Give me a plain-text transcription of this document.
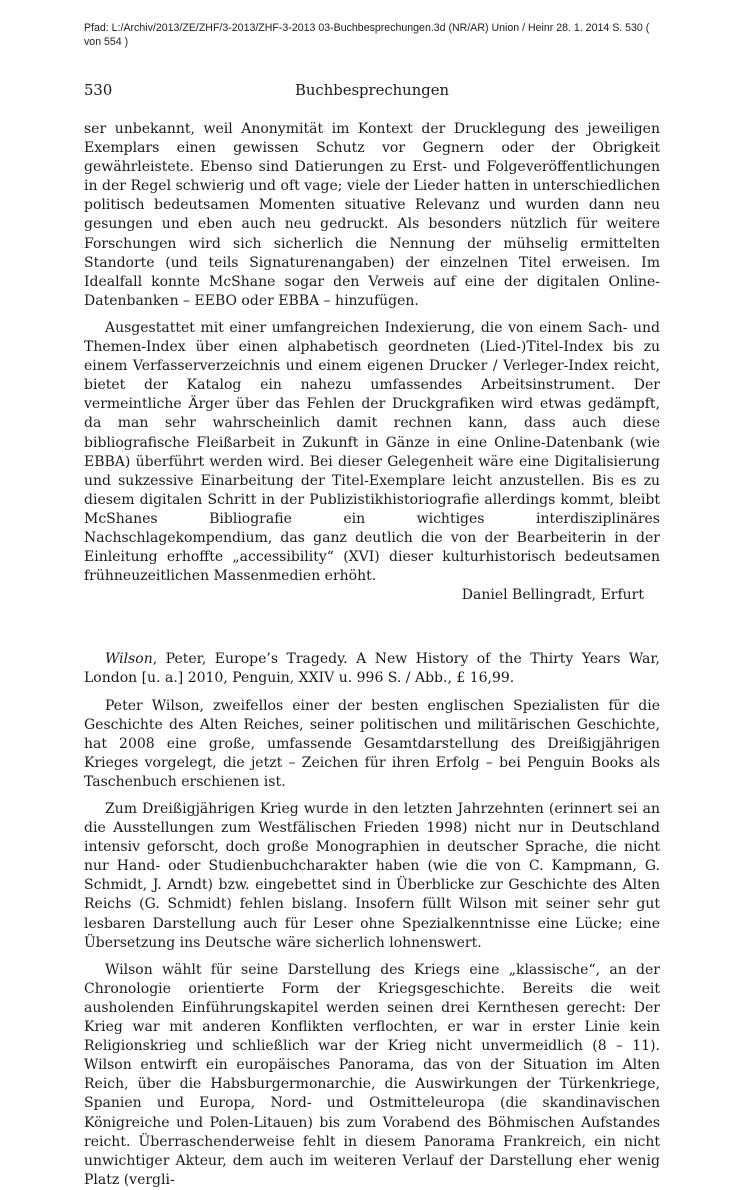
Pfad: L:/Archiv/2013/ZE/ZHF/3-2013/ZHF-3-2013 03-Buchbesprechungen.3d (NR/AR) Union / Heinr 28. 1. 2014 S. 530 ( von 554 )
530	Buchbesprechungen

ser unbekannt, weil Anonymität im Kontext der Drucklegung des jeweiligen Exemplars einen gewissen Schutz vor Gegnern oder der Obrigkeit gewährleistete. Ebenso sind Datierungen zu Erst- und Folgeveröffentlichungen in der Regel schwierig und oft vage; viele der Lieder hatten in unterschiedlichen politisch bedeutsamen Momenten situative Relevanz und wurden dann neu gesungen und eben auch neu gedruckt. Als besonders nützlich für weitere Forschungen wird sich sicherlich die Nennung der mühselig ermittelten Standorte (und teils Signaturenangaben) der einzelnen Titel erweisen. Im Idealfall konnte McShane sogar den Verweis auf eine der digitalen Online-Datenbanken – EEBO oder EBBA – hinzufügen.

Ausgestattet mit einer umfangreichen Indexierung, die von einem Sach- und Themen-Index über einen alphabetisch geordneten (Lied-)Titel-Index bis zu einem Verfasserverzeichnis und einem eigenen Drucker / Verleger-Index reicht, bietet der Katalog ein nahezu umfassendes Arbeitsinstrument. Der vermeintliche Ärger über das Fehlen der Druckgrafiken wird etwas gedämpft, da man sehr wahrscheinlich damit rechnen kann, dass auch diese bibliografische Fleißarbeit in Zukunft in Gänze in eine Online-Datenbank (wie EBBA) überführt werden wird. Bei dieser Gelegenheit wäre eine Digitalisierung und sukzessive Einarbeitung der Titel-Exemplare leicht anzustellen. Bis es zu diesem digitalen Schritt in der Publizistikhistoriografie allerdings kommt, bleibt McShanes Bibliografie ein wichtiges interdisziplinäres Nachschlagekompendium, das ganz deutlich die von der Bearbeiterin in der Einleitung erhoffte „accessibility“ (XVI) dieser kulturhistorisch bedeutsamen frühneuzeitlichen Massenmedien erhöht.

Daniel Bellingradt, Erfurt

Wilson, Peter, Europe’s Tragedy. A New History of the Thirty Years War, London [u. a.] 2010, Penguin, XXIV u. 996 S. / Abb., £ 16,99.

Peter Wilson, zweifellos einer der besten englischen Spezialisten für die Geschichte des Alten Reiches, seiner politischen und militärischen Geschichte, hat 2008 eine große, umfassende Gesamtdarstellung des Dreißigjährigen Krieges vorgelegt, die jetzt – Zeichen für ihren Erfolg – bei Penguin Books als Taschenbuch erschienen ist.

Zum Dreißigjährigen Krieg wurde in den letzten Jahrzehnten (erinnert sei an die Ausstellungen zum Westfälischen Frieden 1998) nicht nur in Deutschland intensiv geforscht, doch große Monographien in deutscher Sprache, die nicht nur Hand- oder Studienbuchcharakter haben (wie die von C. Kampmann, G. Schmidt, J. Arndt) bzw. eingebettet sind in Überblicke zur Geschichte des Alten Reichs (G. Schmidt) fehlen bislang. Insofern füllt Wilson mit seiner sehr gut lesbaren Darstellung auch für Leser ohne Spezialkenntnisse eine Lücke; eine Übersetzung ins Deutsche wäre sicherlich lohnenswert.

Wilson wählt für seine Darstellung des Kriegs eine „klassische“, an der Chronologie orientierte Form der Kriegsgeschichte. Bereits die weit ausholenden Einführungskapitel werden seinen drei Kernthesen gerecht: Der Krieg war mit anderen Konflikten verflochten, er war in erster Linie kein Religionskrieg und schließlich war der Krieg nicht unvermeidlich (8 – 11). Wilson entwirft ein europäisches Panorama, das von der Situation im Alten Reich, über die Habsburgermonarchie, die Auswirkungen der Türkenkriege, Spanien und Europa, Nord- und Ostmitteleuropa (die skandinavischen Königreiche und Polen-Litauen) bis zum Vorabend des Böhmischen Aufstandes reicht. Überraschenderweise fehlt in diesem Panorama Frankreich, ein nicht unwichtiger Akteur, dem auch im weiteren Verlauf der Darstellung eher wenig Platz (vergli-
